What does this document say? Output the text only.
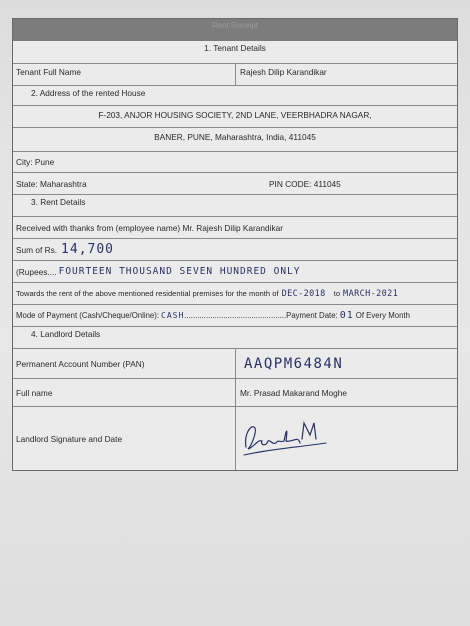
Rent Receipt
1. Tenant Details
Tenant Full Name	Rajesh Dilip Karandikar
2. Address of the rented House
F-203, ANJOR HOUSING SOCIETY, 2ND LANE, VEERBHADRA NAGAR,
BANER, PUNE, Maharashtra, India, 411045
City: Pune
State: Maharashtra	PIN CODE: 411045
3. Rent Details
Received with thanks from (employee name) Mr. Rajesh Dilip Karandikar
Sum of Rs. 14,700
(Rupees.... FOURTEEN THOUSAND SEVEN HUNDRED ONLY
Towards the rent of the above mentioned residential premises for the month of DEC-2018 to MARCH-2021
Mode of Payment (Cash/Cheque/Online): CASH ............................................... Payment Date: 01 Of Every Month
4. Landlord Details
Permanent Account Number (PAN)	AAQPM6484N
Full name	Mr. Prasad Makarand Moghe
Landlord Signature and Date
